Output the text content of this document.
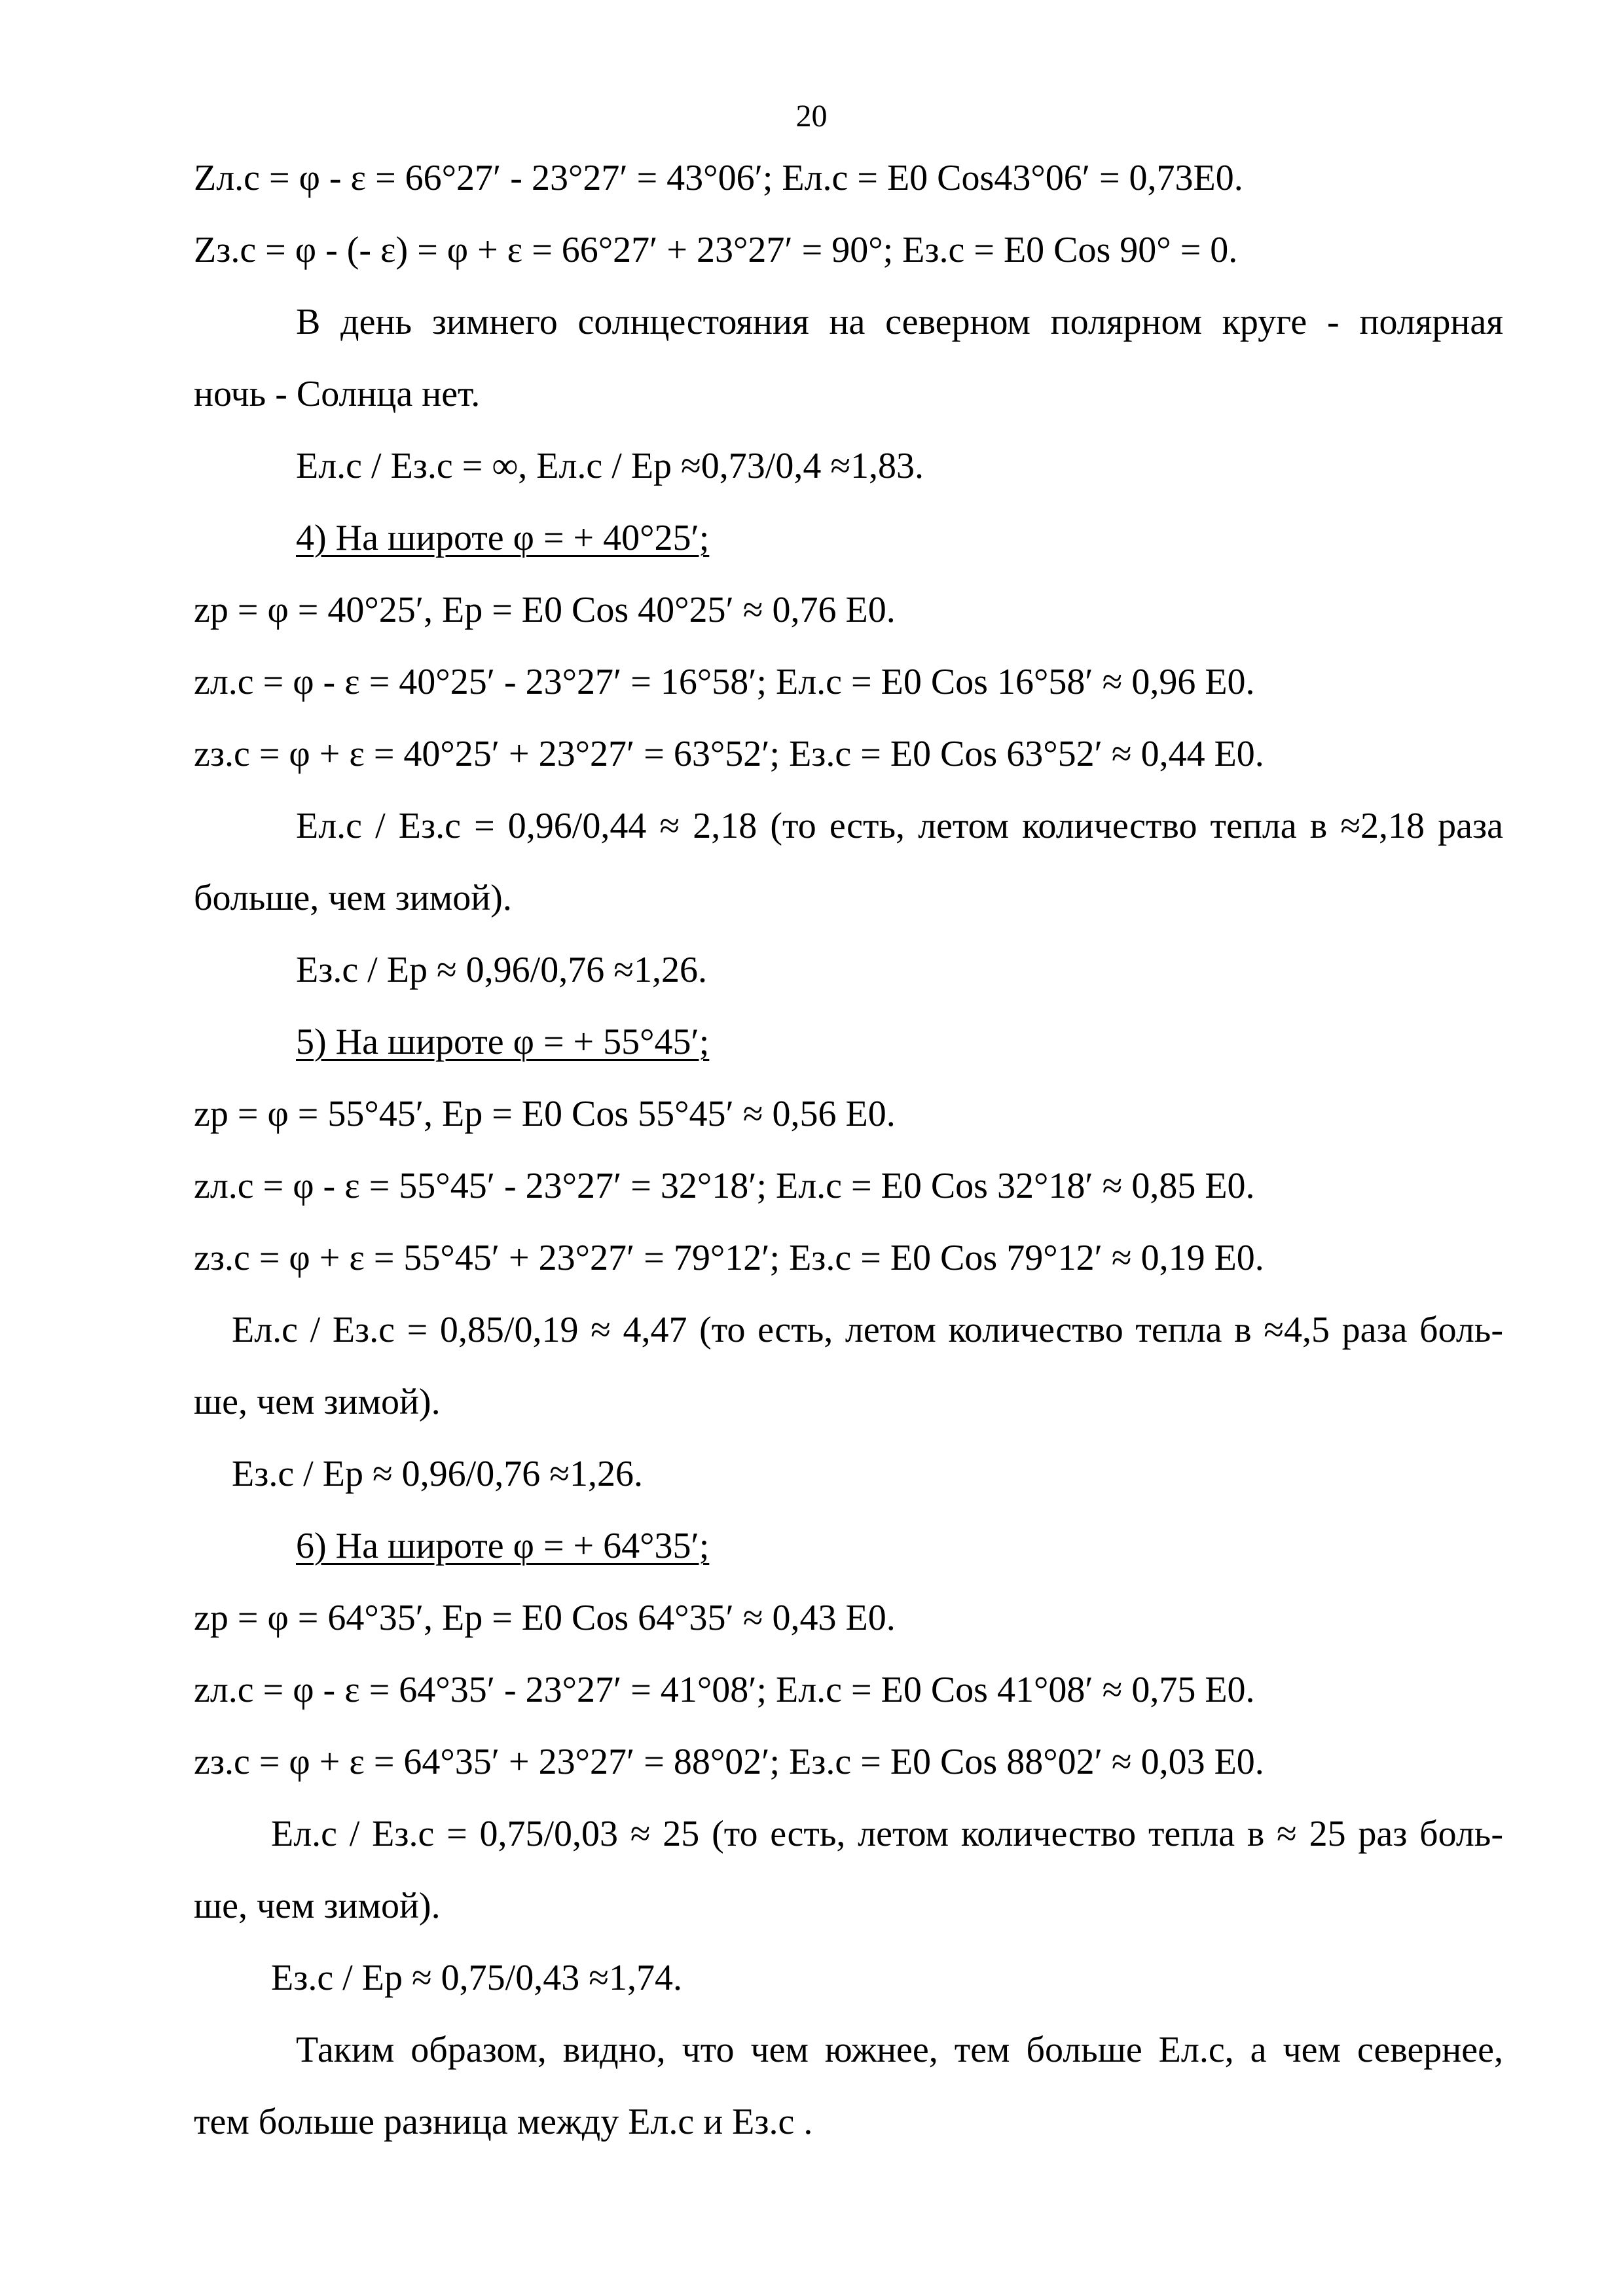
20
Zл.с = φ - ε = 66°27′ - 23°27′ = 43°06′; Eл.с = E0 Cos43°06′ = 0,73E0.
Zз.с = φ - (- ε) = φ + ε = 66°27′ + 23°27′ = 90°; Eз.с = E0 Cos 90° = 0.
В день зимнего солнцестояния на северном полярном круге - полярная
ночь - Солнца нет.
Eл.с / Eз.с = ∞, Eл.с / Ep ≈0,73/0,4 ≈1,83.
4) На широте φ = + 40°25′;
zp = φ = 40°25′, Ep = E0 Cos 40°25′ ≈ 0,76 E0.
zл.с = φ - ε = 40°25′ - 23°27′ = 16°58′; Eл.с = E0 Cos 16°58′ ≈ 0,96 E0.
zз.с = φ + ε = 40°25′ + 23°27′ = 63°52′; Eз.с = E0 Cos 63°52′ ≈ 0,44 E0.
Eл.с / Eз.с = 0,96/0,44 ≈ 2,18 (то есть, летом количество тепла в ≈2,18 раза
больше, чем зимой).
Eз.с / Ep ≈ 0,96/0,76 ≈1,26.
5) На широте φ = + 55°45′;
zp = φ = 55°45′, Ep = E0 Cos 55°45′ ≈ 0,56 E0.
zл.с = φ - ε = 55°45′ - 23°27′ = 32°18′; Eл.с = E0 Cos 32°18′ ≈ 0,85 E0.
zз.с = φ + ε = 55°45′ + 23°27′ = 79°12′; Eз.с = E0 Cos 79°12′ ≈ 0,19 E0.
Eл.с / Eз.с = 0,85/0,19 ≈ 4,47 (то есть, летом количество тепла в ≈4,5 раза боль-
ше, чем зимой).
Eз.с / Ep ≈ 0,96/0,76 ≈1,26.
6) На широте φ = + 64°35′;
zp = φ = 64°35′, Ep = E0 Cos 64°35′ ≈ 0,43 E0.
zл.с = φ - ε = 64°35′ - 23°27′ = 41°08′; Eл.с = E0 Cos 41°08′ ≈ 0,75 E0.
zз.с = φ + ε = 64°35′ + 23°27′ = 88°02′; Eз.с = E0 Cos 88°02′ ≈ 0,03 E0.
Eл.с / Eз.с = 0,75/0,03 ≈ 25 (то есть, летом количество тепла в ≈ 25 раз боль-
ше, чем зимой).
Eз.с / Ep ≈ 0,75/0,43 ≈1,74.
Таким образом, видно, что чем южнее, тем больше Eл.с, а чем севернее,
тем больше разница между Eл.с и Eз.с .
